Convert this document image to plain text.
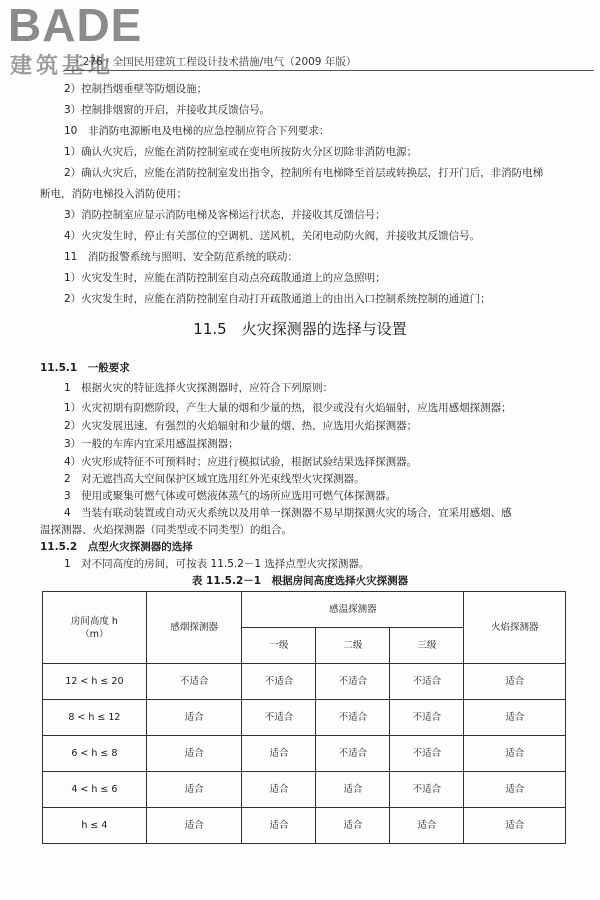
BADE
建筑基地
· 276 · 全国民用建筑工程设计技术措施/电气（2009 年版）
2）控制挡烟垂壁等防烟设施；
3）控制排烟窗的开启，并接收其反馈信号。
10　非消防电源断电及电梯的应急控制应符合下列要求：
1）确认火灾后，应能在消防控制室或在变电所按防火分区切除非消防电源；
2）确认火灾后，应能在消防控制室发出指令，控制所有电梯降至首层或转换层，打开门后，非消防电梯
断电，消防电梯投入消防使用；
3）消防控制室应显示消防电梯及客梯运行状态，并接收其反馈信号；
4）火灾发生时，停止有关部位的空调机、送风机，关闭电动防火阀，并接收其反馈信号。
11　消防报警系统与照明、安全防范系统的联动：
1）火灾发生时，应能在消防控制室自动点亮疏散通道上的应急照明；
2）火灾发生时，应能在消防控制室自动打开疏散通道上的由出入口控制系统控制的通道门；
11.5　火灾探测器的选择与设置
11.5.1　一般要求
1　根据火灾的特征选择火灾探测器时，应符合下列原则：
1）火灾初期有阴燃阶段，产生大量的烟和少量的热，很少或没有火焰辐射，应选用感烟探测器；
2）火灾发展迅速，有强烈的火焰辐射和少量的烟、热，应选用火焰探测器；
3）一般的车库内宜采用感温探测器；
4）火灾形成特征不可预料时；应进行模拟试验，根据试验结果选择探测器。
2　对无遮挡高大空间保护区域宜选用红外光束线型火灾探测器。
3　使用或聚集可燃气体或可燃液体蒸气的场所应选用可燃气体探测器。
4　当装有联动装置或自动灭火系统以及用单一探测器不易早期探测火灾的场合，宜采用感烟、感
温探测器、火焰探测器（同类型或不同类型）的组合。
11.5.2　点型火灾探测器的选择
表 11.5.2－1　根据房间高度选择火灾探测器
房间高度 h
（m）	感烟探测器	感温探测器			火焰探测器
		一级	二级	三级	
12 < h ≤ 20	不适合	不适合	不适合	不适合	适合
8 < h ≤ 12	适合	不适合	不适合	不适合	适合
6 < h ≤ 8	适合	适合	不适合	不适合	适合
4 < h ≤ 6	适合	适合	适合	不适合	适合
h ≤ 4	适合	适合	适合	适合	适合
1　对不同高度的房间，可按表 11.5.2－1 选择点型火灾探测器。
